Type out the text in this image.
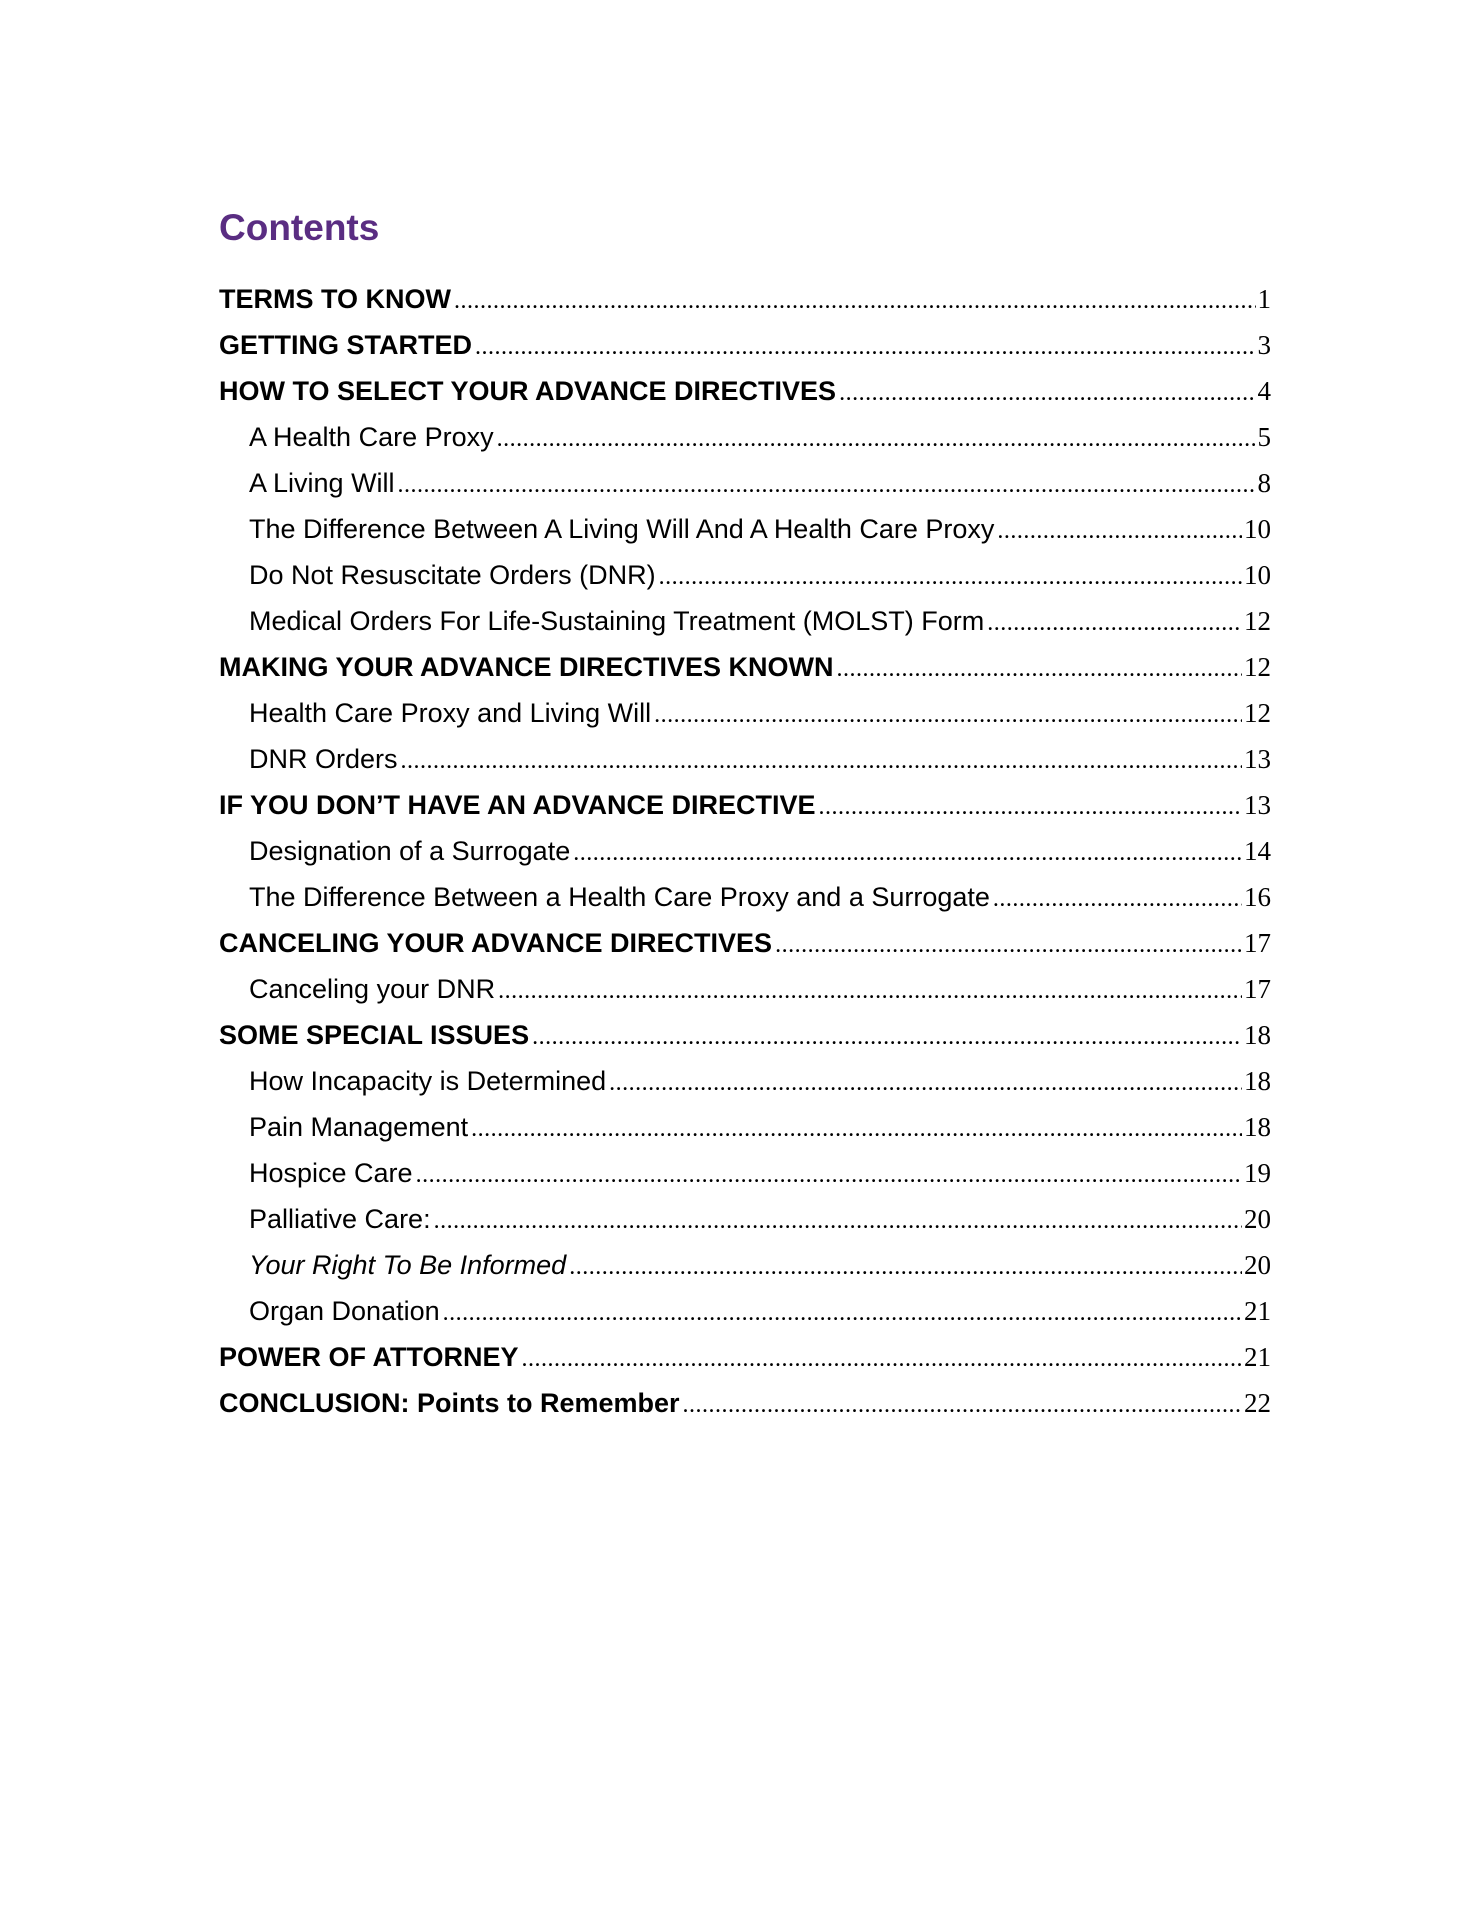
Contents
TERMS TO KNOW .....	1
GETTING STARTED .....	3
HOW TO SELECT YOUR ADVANCE DIRECTIVES .....	4
A Health Care Proxy .....	5
A Living Will .....	8
The Difference Between A Living Will And A Health Care Proxy .....	10
Do Not Resuscitate Orders (DNR) .....	10
Medical Orders For Life-Sustaining Treatment (MOLST) Form .....	12
MAKING YOUR ADVANCE DIRECTIVES KNOWN .....	12
Health Care Proxy and Living Will .....	12
DNR Orders .....	13
IF YOU DON’T HAVE AN ADVANCE DIRECTIVE .....	13
Designation of a Surrogate .....	14
The Difference Between a Health Care Proxy and a Surrogate .....	16
CANCELING YOUR ADVANCE DIRECTIVES .....	17
Canceling your DNR .....	17
SOME SPECIAL ISSUES .....	18
How Incapacity is Determined .....	18
Pain Management .....	18
Hospice Care .....	19
Palliative Care: .....	20
Your Right To Be Informed .....	20
Organ Donation .....	21
POWER OF ATTORNEY .....	21
CONCLUSION: Points to Remember .....	22
